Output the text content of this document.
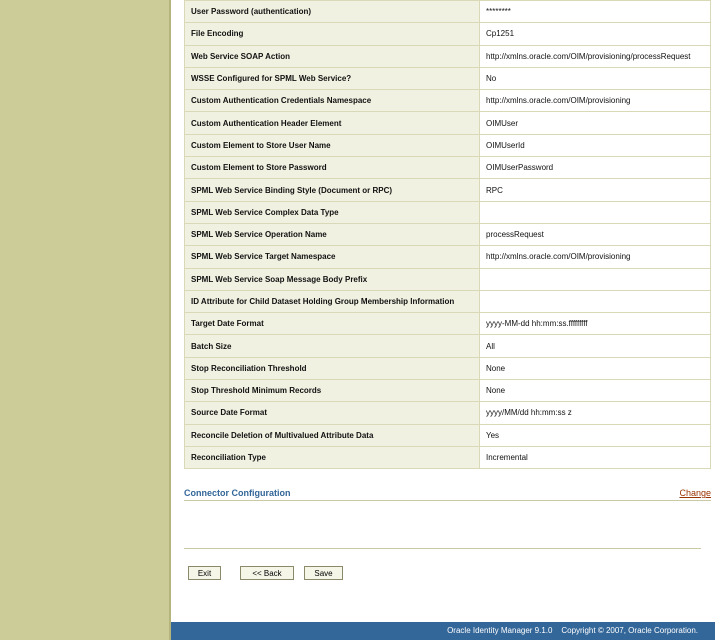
User Password (authentication)	********
File Encoding	Cp1251
Web Service SOAP Action	http://xmlns.oracle.com/OIM/provisioning/processRequest
WSSE Configured for SPML Web Service?	No
Custom Authentication Credentials Namespace	http://xmlns.oracle.com/OIM/provisioning
Custom Authentication Header Element	OIMUser
Custom Element to Store User Name	OIMUserId
Custom Element to Store Password	OIMUserPassword
SPML Web Service Binding Style (Document or RPC)	RPC
SPML Web Service Complex Data Type	
SPML Web Service Operation Name	processRequest
SPML Web Service Target Namespace	http://xmlns.oracle.com/OIM/provisioning
SPML Web Service Soap Message Body Prefix	
ID Attribute for Child Dataset Holding Group Membership Information	
Target Date Format	yyyy-MM-dd hh:mm:ss.fffffffff
Batch Size	All
Stop Reconciliation Threshold	None
Stop Threshold Minimum Records	None
Source Date Format	yyyy/MM/dd hh:mm:ss z
Reconcile Deletion of Multivalued Attribute Data	Yes
Reconciliation Type	Incremental
Connector Configuration	Change
Exit	<< Back	Save
Oracle Identity Manager 9.1.0 Copyright © 2007, Oracle Corporation.
